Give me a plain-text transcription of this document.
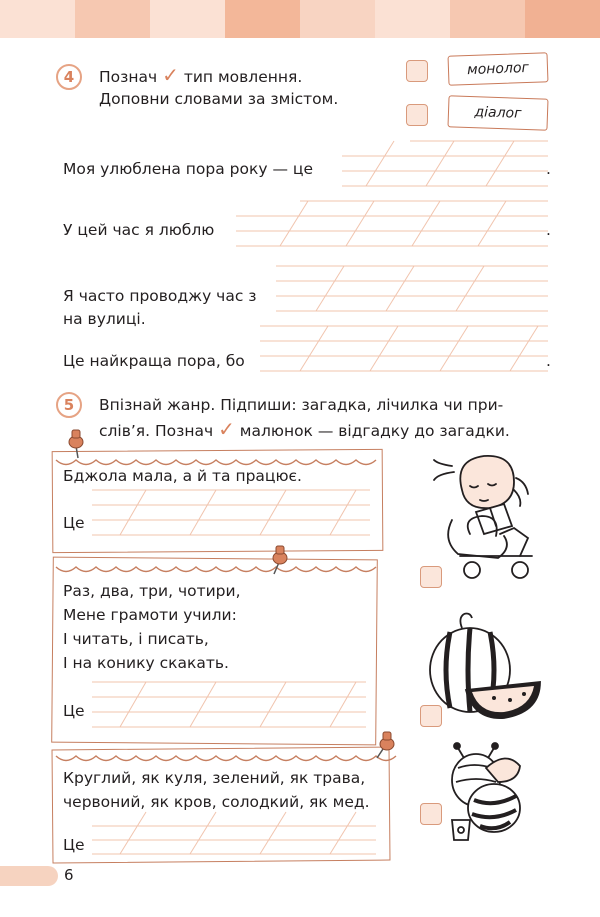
4 Познач ✓ тип мовлення.
Доповни словами за змістом.
монолог
діалог
Моя улюблена пора року — це	.
У цей час я люблю	.
Я часто проводжу час з
на вулиці.
Це найкраща пора, бо	.
5 Впізнай жанр. Підпиши: загадка, лічилка чи при-
слів’я. Познач ✓ малюнок — відгадку до загадки.
Бджола мала, а й та працює.
Це
Раз, два, три, чотири,
Мене грамоти учили:
І читать, і писать,
І на конику скакать.
Це
Круглий, як куля, зелений, як трава,
червоний, як кров, солодкий, як мед.
Це
6
